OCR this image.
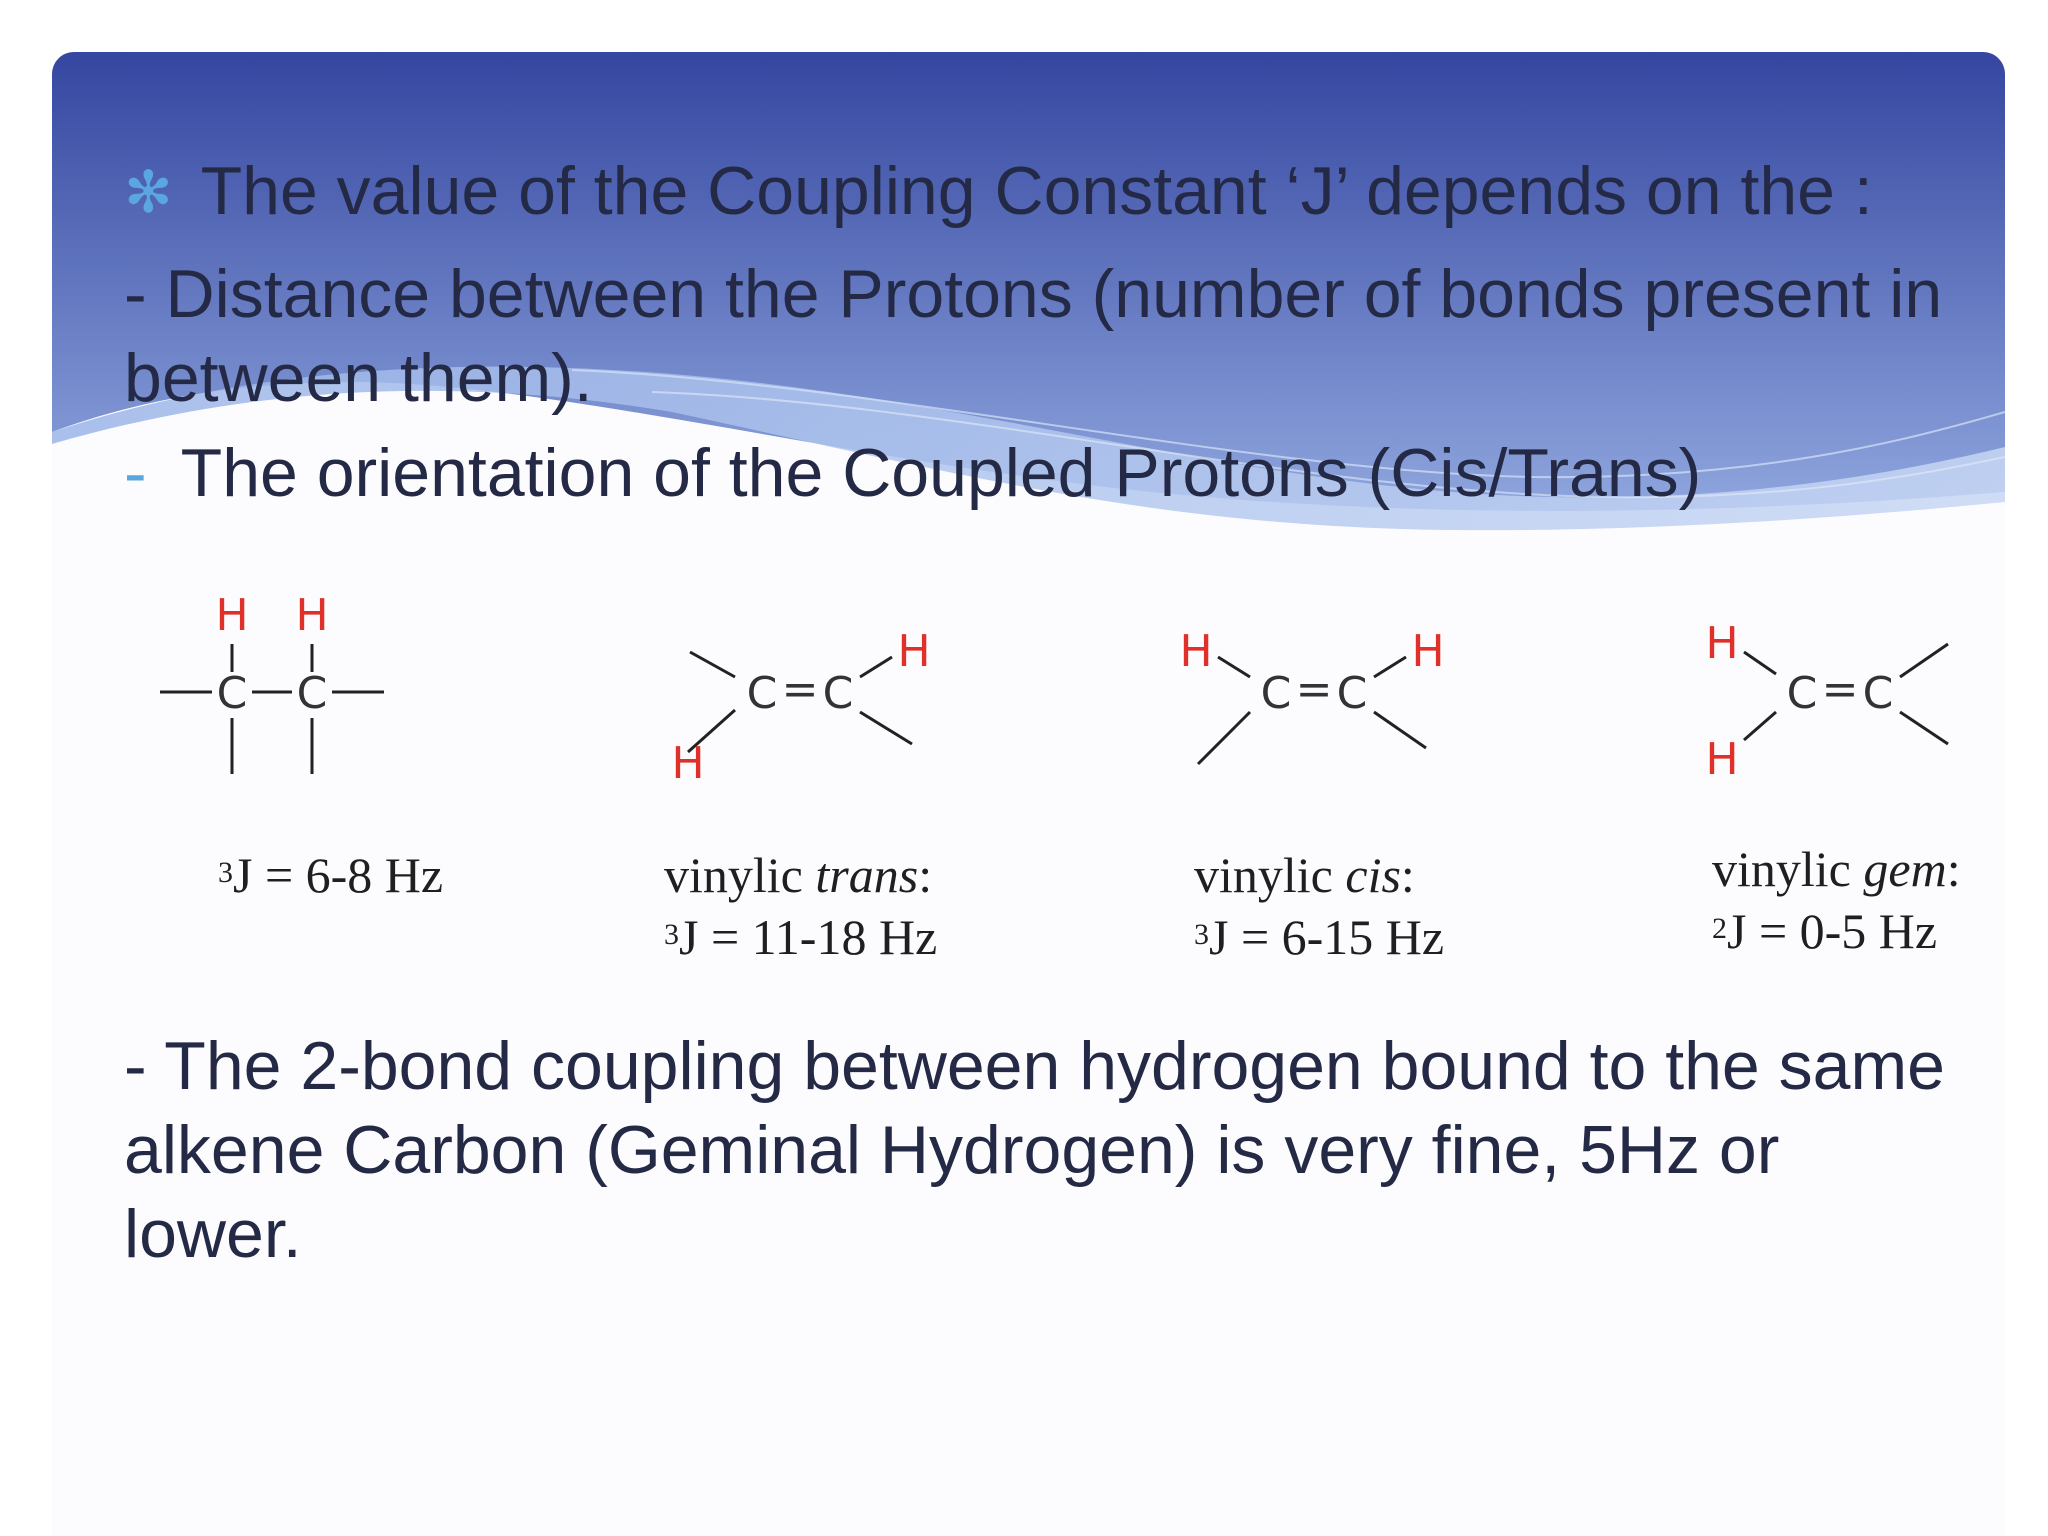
✻ The value of the Coupling Constant ‘J’ depends on the :
- Distance between the Protons (number of bonds present in between them).
- The orientation of the Coupled Protons (Cis/Trans)
H H
C C
H
C = C
H	H
C = C
H	H
H
C = C
$^3$J = 6-8 Hz	vinylic trans:
$^3$J = 11-18 Hz
vinylic cis:
$^3$J = 6-15 Hz
vinylic gem:
$^2$J = 0-5 Hz
- The 2-bond coupling between hydrogen bound to the same alkene Carbon (Geminal Hydrogen) is very fine, 5Hz or lower.
